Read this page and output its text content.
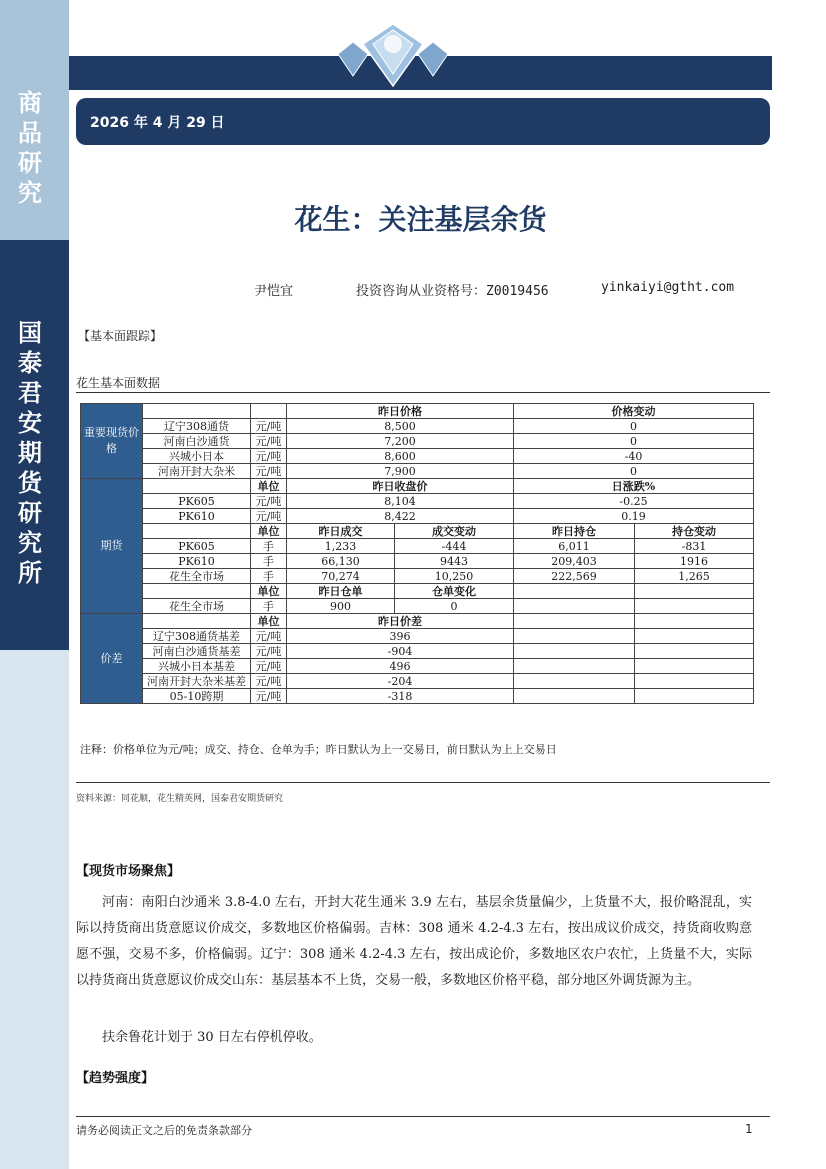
商品研究
国泰君安期货研究所
2026 年 4 月 29 日
花生：关注基层余货
尹恺宜	投资咨询从业资格号：Z0019456	yinkaiyi@gtht.com
【基本面跟踪】
花生基本面数据
重要现货价格			昨日价格		价格变动	
	辽宁308通货	元/吨	8,500		0	
	河南白沙通货	元/吨	7,200		0	
	兴城小日本	元/吨	8,600		-40	
	河南开封大杂米	元/吨	7,900		0	
期货		单位	昨日收盘价		日涨跌%	
	PK605	元/吨	8,104		-0.25	
	PK610	元/吨	8,422		0.19	
		单位	昨日成交	成交变动	昨日持仓	持仓变动
	PK605	手	1,233	-444	6,011	-831
	PK610	手	66,130	9443	209,403	1916
	花生全市场	手	70,274	10,250	222,569	1,265
		单位	昨日仓单	仓单变化		
	花生全市场	手	900	0		
价差		单位	昨日价差			
	辽宁308通货基差	元/吨	396			
	河南白沙通货基差	元/吨	-904			
	兴城小日本基差	元/吨	496			
	河南开封大杂米基差	元/吨	-204			
	05-10跨期	元/吨	-318			
注释：价格单位为元/吨；成交、持仓、仓单为手；昨日默认为上一交易日，前日默认为上上交易日
资料来源：同花顺，花生精英网，国泰君安期货研究
【现货市场聚焦】

河南：南阳白沙通米 3.8-4.0 左右，开封大花生通米 3.9 左右，基层余货量偏少，上货量不大，报价略混乱，实际以持货商出货意愿议价成交，多数地区价格偏弱。吉林：308 通米 4.2-4.3 左右，按出成议价成交，持货商收购意愿不强，交易不多，价格偏弱。辽宁：308 通米 4.2-4.3 左右，按出成论价，多数地区农户农忙，上货量不大，实际以持货商出货意愿议价成交山东：基层基本不上货，交易一般，多数地区价格平稳，部分地区外调货源为主。

扶余鲁花计划于 30 日左右停机停收。

【趋势强度】
请务必阅读正文之后的免责条款部分	1
